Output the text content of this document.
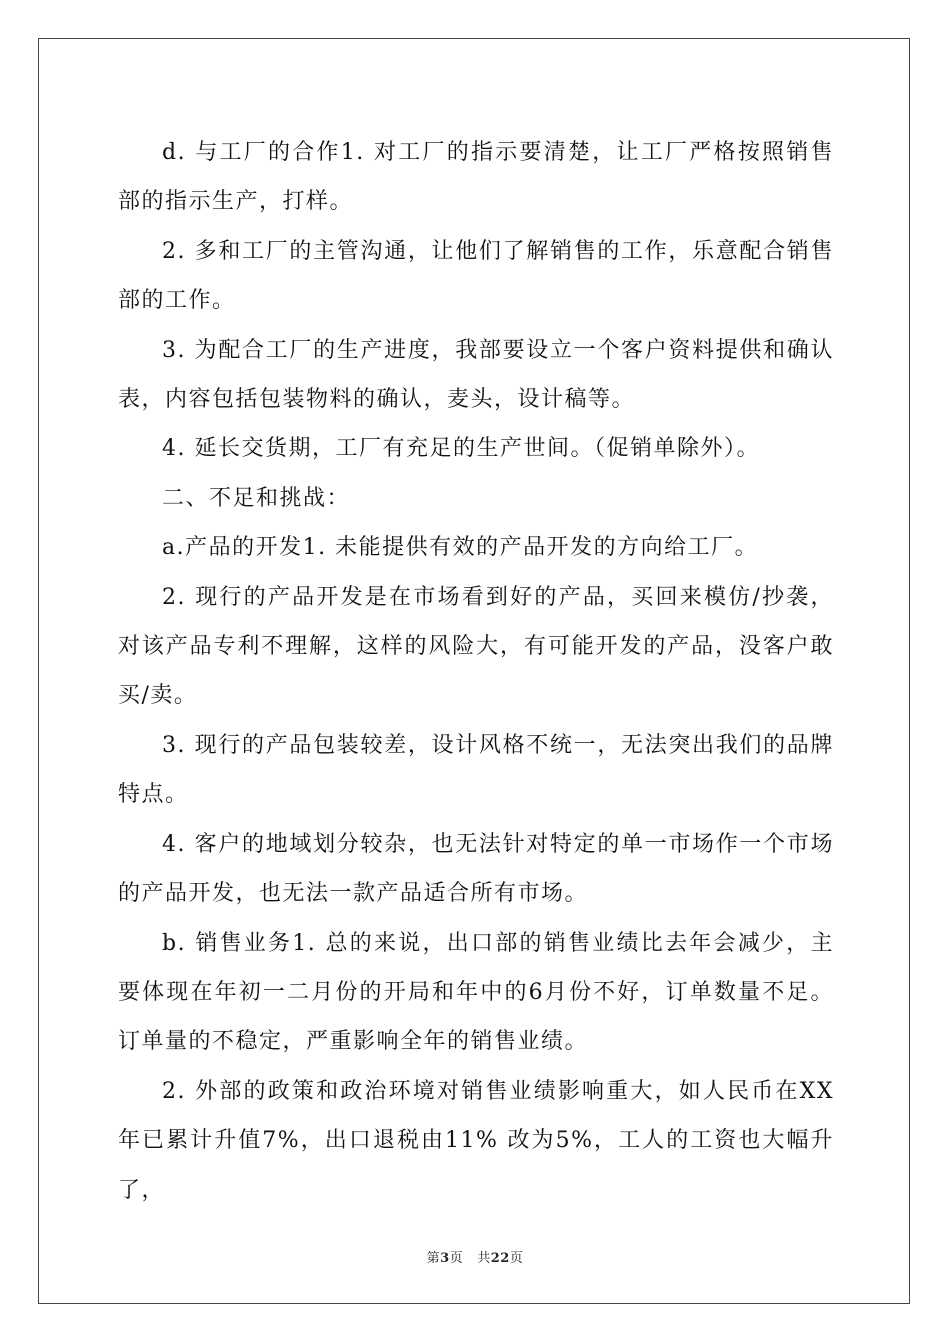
d. 与工厂的合作1. 对工厂的指示要清楚，让工厂严格按照销售部的指示生产，打样。

2. 多和工厂的主管沟通，让他们了解销售的工作，乐意配合销售部的工作。

3. 为配合工厂的生产进度，我部要设立一个客户资料提供和确认表，内容包括包装物料的确认，麦头，设计稿等。

4. 延长交货期，工厂有充足的生产世间。（促销单除外）。

二、不足和挑战：

a.产品的开发1. 未能提供有效的产品开发的方向给工厂。

2. 现行的产品开发是在市场看到好的产品，买回来模仿/抄袭，对该产品专利不理解，这样的风险大，有可能开发的产品，没客户敢买/卖。

3. 现行的产品包装较差，设计风格不统一，无法突出我们的品牌特点。

4. 客户的地域划分较杂，也无法针对特定的单一市场作一个市场的产品开发，也无法一款产品适合所有市场。

b. 销售业务1. 总的来说，出口部的销售业绩比去年会减少，主要体现在年初一二月份的开局和年中的6月份不好，订单数量不足。订单量的不稳定，严重影响全年的销售业绩。

2. 外部的政策和政治环境对销售业绩影响重大，如人民币在XX年已累计升值7%，出口退税由11% 改为5%，工人的工资也大幅升了，

第3页 共22页
